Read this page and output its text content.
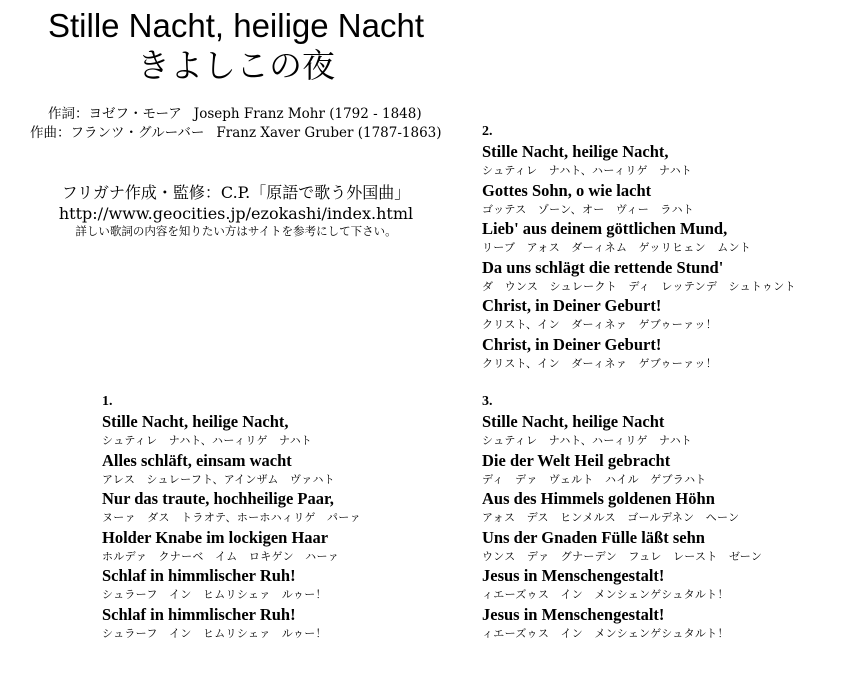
Stille Nacht, heilige Nacht
きよしこの夜
作詞：ヨゼフ・モーア Joseph Franz Mohr (1792 - 1848)
作曲：フランツ・グルーバー Franz Xaver Gruber (1787-1863)
フリガナ作成・監修：C.P.「原語で歌う外国曲」
http://www.geocities.jp/ezokashi/index.html
詳しい歌詞の内容を知りたい方はサイトを参考にして下さい。
2.
Stille Nacht, heilige Nacht,
シュティレ　ナハト、ハーィリゲ　ナハト
Gottes Sohn, o wie lacht
ゴッテス　ゾーン、オー　ヴィー　ラハト
Lieb' aus deinem göttlichen Mund,
リーブ　アォス　ダーィネム　ゲッリヒェン　ムント
Da uns schlägt die rettende Stund'
ダ　ウンス　シュレークト　ディ　レッテンデ　シュトゥント
Christ, in Deiner Geburt!
クリスト、イン　ダーィネァ　ゲブゥーァッ！
Christ, in Deiner Geburt!
クリスト、イン　ダーィネァ　ゲブゥーァッ！
1.
Stille Nacht, heilige Nacht,
シュティレ　ナハト、ハーィリゲ　ナハト
Alles schläft, einsam wacht
アレス　シュレーフト、アインザム　ヴァハト
Nur das traute, hochheilige Paar,
ヌーァ　ダス　トラオテ、ホーホハィリゲ　パーァ
Holder Knabe im lockigen Haar
ホルデァ　クナーベ　イム　ロキゲン　ハーァ
Schlaf in himmlischer Ruh!
シュラーフ　イン　ヒムリシェァ　ルゥー！
Schlaf in himmlischer Ruh!
シュラーフ　イン　ヒムリシェァ　ルゥー！
3.
Stille Nacht, heilige Nacht
シュティレ　ナハト、ハーィリゲ　ナハト
Die der Welt Heil gebracht
ディ　デァ　ヴェルト　ハイル　ゲブラハト
Aus des Himmels goldenen Höhn
アォス　デス　ヒンメルス　ゴールデネン　ヘーン
Uns der Gnaden Fülle läßt sehn
ウンス　デァ　グナーデン　フュレ　レースト　ゼーン
Jesus in Menschengestalt!
ィエーズゥス　イン　メンシェンゲシュタルト！
Jesus in Menschengestalt!
ィエーズゥス　イン　メンシェンゲシュタルト！
